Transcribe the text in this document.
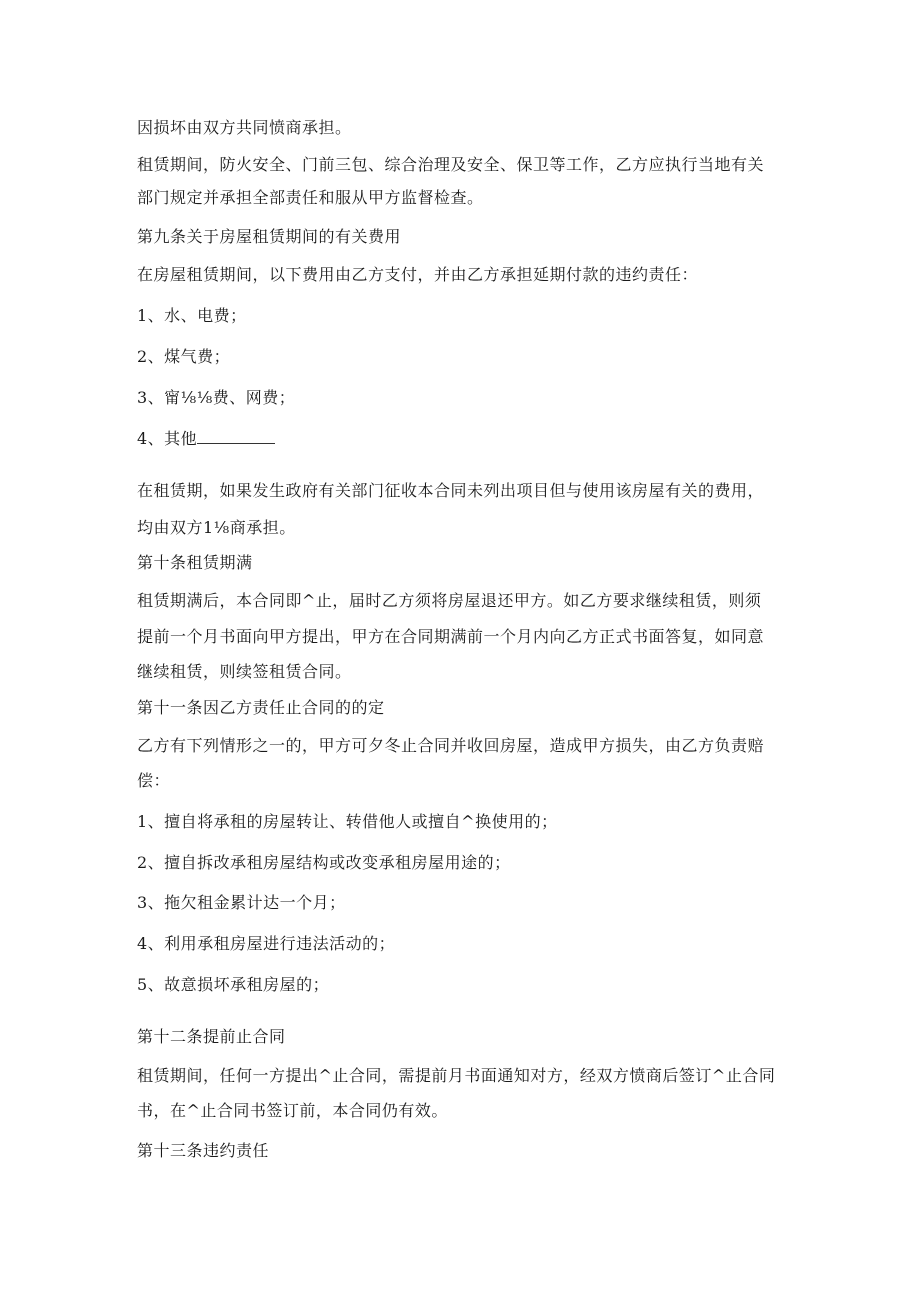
因损坏由双方共同愤商承担。
租赁期间，防火安全、门前三包、综合治理及安全、保卫等工作，乙方应执行当地有关
部门规定并承担全部责任和服从甲方监督检查。
第九条关于房屋租赁期间的有关费用
在房屋租赁期间，以下费用由乙方支付，并由乙方承担延期付款的违约责任：
1、水、电费；
2、煤气费；
3、甯⅛⅛费、网费；
4、其他
在租赁期，如果发生政府有关部门征收本合同未列出项目但与使用该房屋有关的费用，
均由双方1⅛商承担。
第十条租赁期满
租赁期满后，本合同即^止，届时乙方须将房屋退还甲方。如乙方要求继续租赁，则须
提前一个月书面向甲方提出，甲方在合同期满前一个月内向乙方正式书面答复，如同意
继续租赁，则续签租赁合同。
第十一条因乙方责任止合同的的定
乙方有下列情形之一的，甲方可夕冬止合同并收回房屋，造成甲方损失，由乙方负责赔
偿：
1、擅自将承租的房屋转让、转借他人或擅自^换使用的；
2、擅自拆改承租房屋结构或改变承租房屋用途的；
3、拖欠租金累计达一个月；
4、利用承租房屋进行违法活动的；
5、故意损坏承租房屋的；
第十二条提前止合同
租赁期间，任何一方提出^止合同，需提前月书面通知对方，经双方愤商后签订^止合同
书，在^止合同书签订前，本合同仍有效。
第十三条违约责任
